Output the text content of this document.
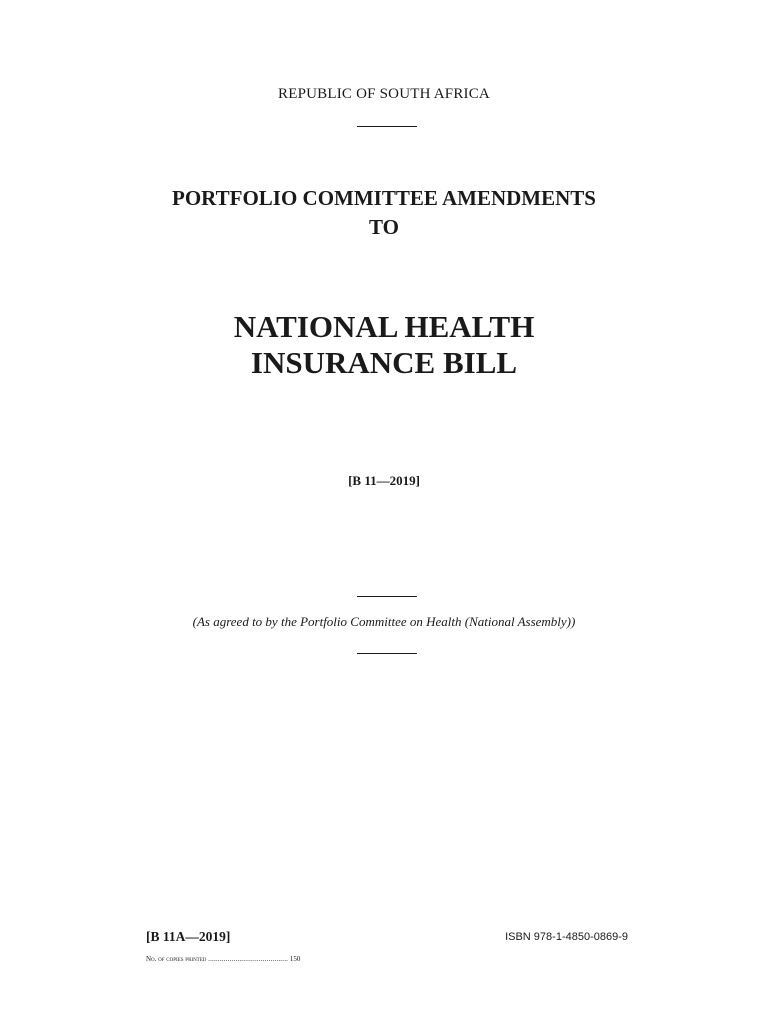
REPUBLIC OF SOUTH AFRICA
PORTFOLIO COMMITTEE AMENDMENTS
TO
NATIONAL HEALTH
INSURANCE BILL
[B 11—2019]
(As agreed to by the Portfolio Committee on Health (National Assembly))
[B 11A—2019]	ISBN 978-1-4850-0869-9
No. of copies printed ......................................... 150
